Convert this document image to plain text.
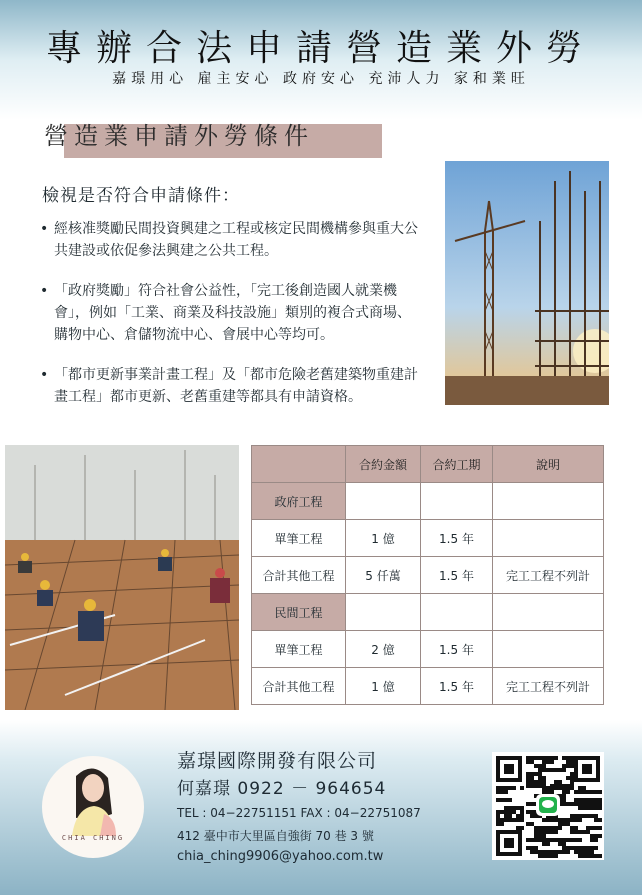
專辦合法申請營造業外勞
嘉璟用心 雇主安心 政府安心 充沛人力 家和業旺
營造業申請外勞條件
檢視是否符合申請條件：
• 經核准獎勵民間投資興建之工程或核定民間機構參與重大公共建設或依促參法興建之公共工程。
• 「政府獎勵」符合社會公益性，「完工後創造國人就業機會」，例如「工業、商業及科技設施」類別的複合式商場、購物中心、倉儲物流中心、會展中心等均可。
• 「都市更新事業計畫工程」及「都市危險老舊建築物重建計畫工程」都市更新、老舊重建等都具有申請資格。
	合約金額	合約工期	說明
政府工程			
單筆工程	1 億	1.5 年	
合計其他工程	5 仟萬	1.5 年	完工工程不列計
民間工程			
單筆工程	2 億	1.5 年	
合計其他工程	1 億	1.5 年	完工工程不列計
CHIA CHING
嘉璟國際開發有限公司
何嘉璟 0922 － 964654
TEL : 04−22751151 FAX : 04−22751087
412 臺中市大里區自強街 70 巷 3 號
chia_ching9906@yahoo.com.tw
